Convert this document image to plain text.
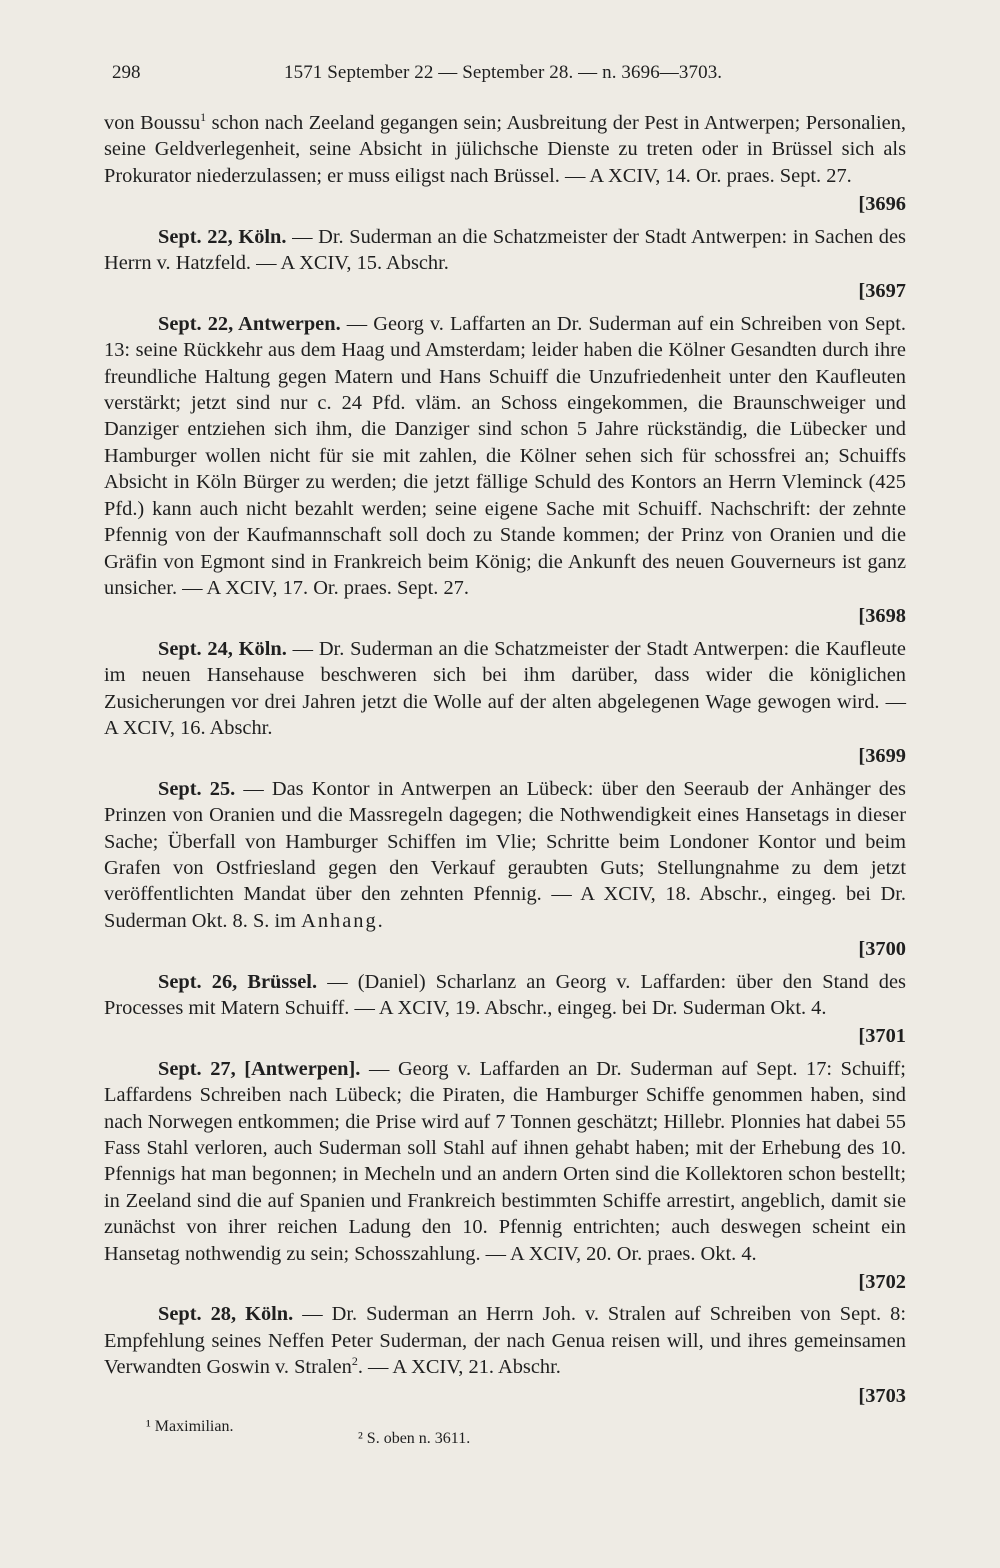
298	1571 September 22 — September 28. — n. 3696—3703.

von Boussu$^1$ schon nach Zeeland gegangen sein; Ausbreitung der Pest in Antwerpen; Personalien, seine Geldverlegenheit, seine Absicht in jülichsche Dienste zu treten oder in Brüssel sich als Prokurator niederzulassen; er muss eiligst nach Brüssel. — A XCIV, 14. Or. praes. Sept. 27.
[3696

Sept. 22, Köln. — Dr. Suderman an die Schatzmeister der Stadt Antwerpen: in Sachen des Herrn v. Hatzfeld. — A XCIV, 15. Abschr.
[3697

Sept. 22, Antwerpen. — Georg v. Laffarten an Dr. Suderman auf ein Schreiben von Sept. 13: seine Rückkehr aus dem Haag und Amsterdam; leider haben die Kölner Gesandten durch ihre freundliche Haltung gegen Matern und Hans Schuiff die Unzufriedenheit unter den Kaufleuten verstärkt; jetzt sind nur c. 24 Pfd. vläm. an Schoss eingekommen, die Braunschweiger und Danziger entziehen sich ihm, die Danziger sind schon 5 Jahre rückständig, die Lübecker und Hamburger wollen nicht für sie mit zahlen, die Kölner sehen sich für schossfrei an; Schuiffs Absicht in Köln Bürger zu werden; die jetzt fällige Schuld des Kontors an Herrn Vleminck (425 Pfd.) kann auch nicht bezahlt werden; seine eigene Sache mit Schuiff. Nachschrift: der zehnte Pfennig von der Kaufmannschaft soll doch zu Stande kommen; der Prinz von Oranien und die Gräfin von Egmont sind in Frankreich beim König; die Ankunft des neuen Gouverneurs ist ganz unsicher. — A XCIV, 17. Or. praes. Sept. 27.
[3698

Sept. 24, Köln. — Dr. Suderman an die Schatzmeister der Stadt Antwerpen: die Kaufleute im neuen Hansehause beschweren sich bei ihm darüber, dass wider die königlichen Zusicherungen vor drei Jahren jetzt die Wolle auf der alten abgelegenen Wage gewogen wird. — A XCIV, 16. Abschr.
[3699

Sept. 25. — Das Kontor in Antwerpen an Lübeck: über den Seeraub der Anhänger des Prinzen von Oranien und die Massregeln dagegen; die Nothwendigkeit eines Hansetags in dieser Sache; Überfall von Hamburger Schiffen im Vlie; Schritte beim Londoner Kontor und beim Grafen von Ostfriesland gegen den Verkauf geraubten Guts; Stellungnahme zu dem jetzt veröffentlichten Mandat über den zehnten Pfennig. — A XCIV, 18. Abschr., eingeg. bei Dr. Suderman Okt. 8. S. im Anhang.
[3700

Sept. 26, Brüssel. — (Daniel) Scharlanz an Georg v. Laffarden: über den Stand des Processes mit Matern Schuiff. — A XCIV, 19. Abschr., eingeg. bei Dr. Suderman Okt. 4.
[3701

Sept. 27, [Antwerpen]. — Georg v. Laffarden an Dr. Suderman auf Sept. 17: Schuiff; Laffardens Schreiben nach Lübeck; die Piraten, die Hamburger Schiffe genommen haben, sind nach Norwegen entkommen; die Prise wird auf 7 Tonnen geschätzt; Hillebr. Plonnies hat dabei 55 Fass Stahl verloren, auch Suderman soll Stahl auf ihnen gehabt haben; mit der Erhebung des 10. Pfennigs hat man begonnen; in Mecheln und an andern Orten sind die Kollektoren schon bestellt; in Zeeland sind die auf Spanien und Frankreich bestimmten Schiffe arrestirt, angeblich, damit sie zunächst von ihrer reichen Ladung den 10. Pfennig entrichten; auch deswegen scheint ein Hansetag nothwendig zu sein; Schosszahlung. — A XCIV, 20. Or. praes. Okt. 4.
[3702

Sept. 28, Köln. — Dr. Suderman an Herrn Joh. v. Stralen auf Schreiben von Sept. 8: Empfehlung seines Neffen Peter Suderman, der nach Genua reisen will, und ihres gemeinsamen Verwandten Goswin v. Stralen$^2$. — A XCIV, 21. Abschr.
[3703

¹ Maximilian.
² S. oben n. 3611.
